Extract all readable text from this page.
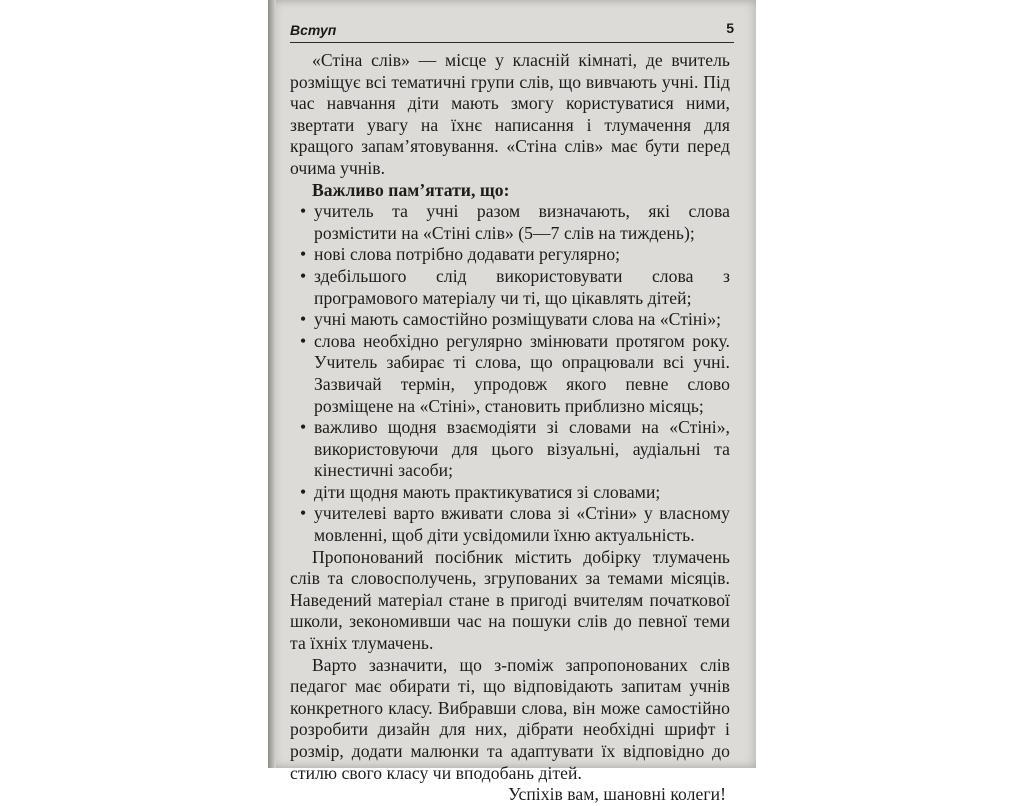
Вступ	5

«Стіна слів» — місце у класній кімнаті, де вчитель розміщує всі тематичні групи слів, що вивчають учні. Під час навчання діти мають змогу користуватися ними, звертати увагу на їхнє написання і тлумачення для кращого запам’ятовування. «Стіна слів» має бути перед очима учнів.

Важливо пам’ятати, що:

• учитель та учні разом визначають, які слова розмістити на «Стіні слів» (5—7 слів на тиждень);
• нові слова потрібно додавати регулярно;
• здебільшого слід використовувати слова з програмового матеріалу чи ті, що цікавлять дітей;
• учні мають самостійно розміщувати слова на «Стіні»;
• слова необхідно регулярно змінювати протягом року. Учитель забирає ті слова, що опрацювали всі учні. Зазвичай термін, упродовж якого певне слово розміщене на «Стіні», становить приблизно місяць;
• важливо щодня взаємодіяти зі словами на «Стіні», використовуючи для цього візуальні, аудіальні та кінестичні засоби;
• діти щодня мають практикуватися зі словами;
• учителеві варто вживати слова зі «Стіни» у власному мовленні, щоб діти усвідомили їхню актуальність.

Пропонований посібник містить добірку тлумачень слів та словосполучень, згрупованих за темами місяців. Наведений матеріал стане в пригоді вчителям початкової школи, зекономивши час на пошуки слів до певної теми та їхніх тлумачень.

Варто зазначити, що з-поміж запропонованих слів педагог має обирати ті, що відповідають запитам учнів конкретного класу. Вибравши слова, він може самостійно розробити дизайн для них, дібрати необхідні шрифт і розмір, додати малюнки та адаптувати їх відповідно до стилю свого класу чи вподобань дітей.

Успіхів вам, шановні колеги!
